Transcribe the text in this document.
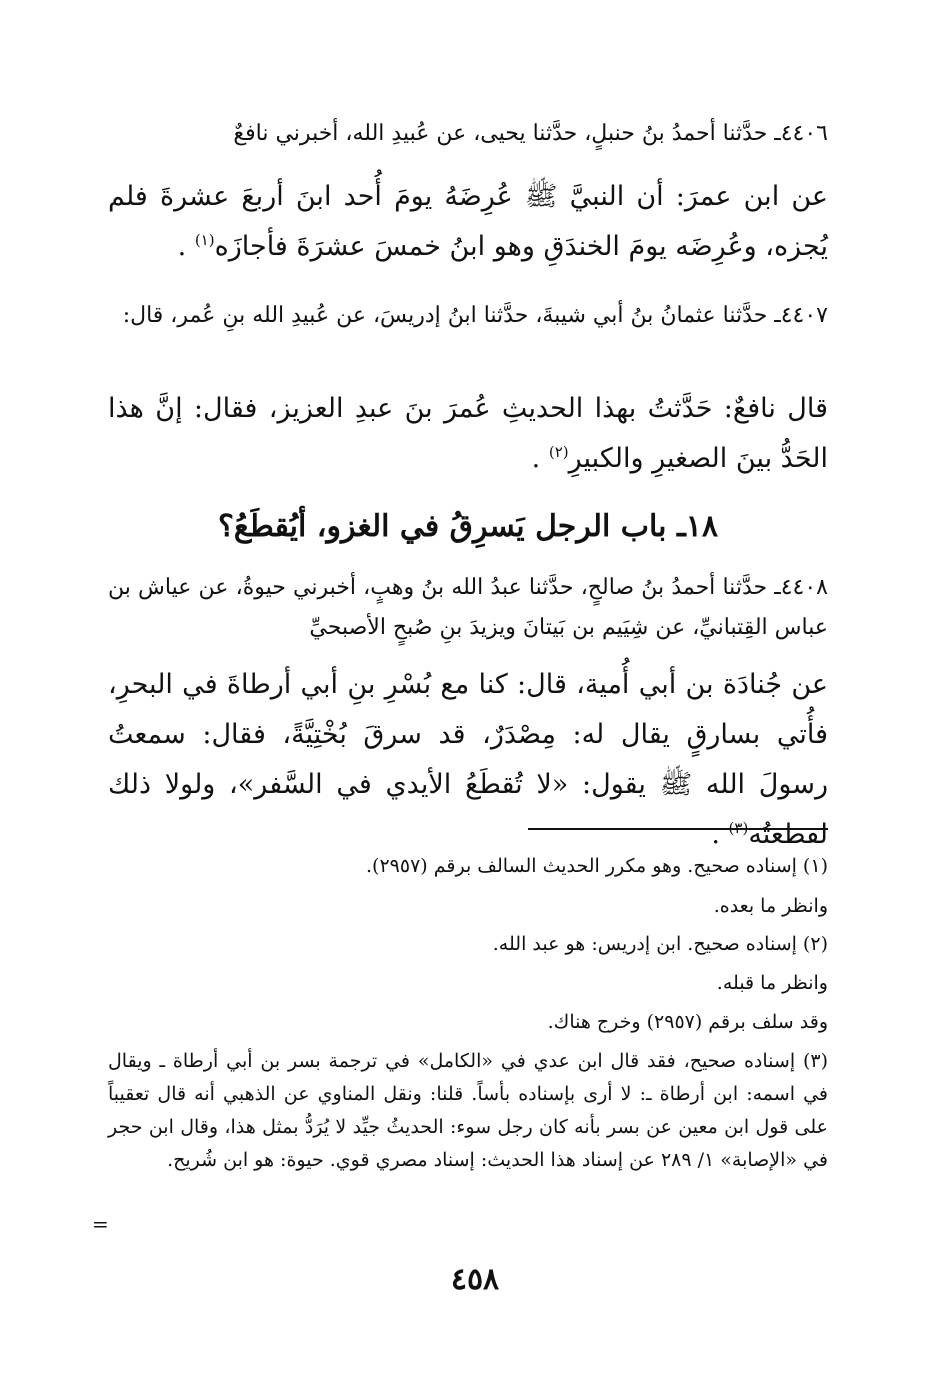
٤٤٠٦ـ حدَّثنا أحمدُ بنُ حنبلٍ، حدَّثنا يحيى، عن عُبيدِ الله، أخبرني نافعٌ
عن ابن عمرَ: أن النبيَّ ﷺ عُرِضَهُ يومَ أُحد ابنَ أربعَ عشرةَ فلم يُجزه، وعُرِضَه يومَ الخندَقِ وهو ابنُ خمسَ عشرَةَ فأجازَه$^{(١)}$ .
٤٤٠٧ـ حدَّثنا عثمانُ بنُ أبي شيبةَ، حدَّثنا ابنُ إدريسَ، عن عُبيدِ الله بنِ عُمر، قال:
قال نافعٌ: حَدَّثتُ بهذا الحديثِ عُمرَ بنَ عبدِ العزيز، فقال: إنَّ هذا الحَدُّ بينَ الصغيرِ والكبيرِ$^{(٢)}$ .
١٨ـ باب الرجل يَسرِقُ في الغزو، أيُقطَعُ؟
٤٤٠٨ـ حدَّثنا أحمدُ بنُ صالحٍ، حدَّثنا عبدُ الله بنُ وهبٍ، أخبرني حيوةُ، عن عياش بن عباس القِتبانيِّ، عن شِيَيم بن بَيتانَ ويزيدَ بنِ صُبحٍ الأصبحيِّ
عن جُنادَة بن أبي أُمية، قال: كنا مع بُسْرِ بنِ أبي أرطاةَ في البحرِ، فأُتي بسارقٍ يقال له: مِصْدَرٌ، قد سرقَ بُخْتِيَّةً، فقال: سمعتُ رسولَ الله ﷺ يقول: «لا تُقطَعُ الأيدي في السَّفر»، ولولا ذلك لقطعتُه$^{(٣)}$ .
(١) إسناده صحيح. وهو مكرر الحديث السالف برقم (٢٩٥٧).
وانظر ما بعده.
(٢) إسناده صحيح. ابن إدريس: هو عبد الله.
وانظر ما قبله.
وقد سلف برقم (٢٩٥٧) وخرج هناك.
(٣) إسناده صحيح، فقد قال ابن عدي في «الكامل» في ترجمة بسر بن أبي أرطاة ـ ويقال في اسمه: ابن أرطاة ـ: لا أرى بإسناده بأساً. قلنا: ونقل المناوي عن الذهبي أنه قال تعقيباً على قول ابن معين عن بسر بأنه كان رجل سوء: الحديثُ جيِّد لا يُرَدُّ بمثل هذا، وقال ابن حجر في «الإصابة» ١/ ٢٨٩ عن إسناد هذا الحديث: إسناد مصري قوي. حيوة: هو ابن شُريح.
=
٤٥٨
